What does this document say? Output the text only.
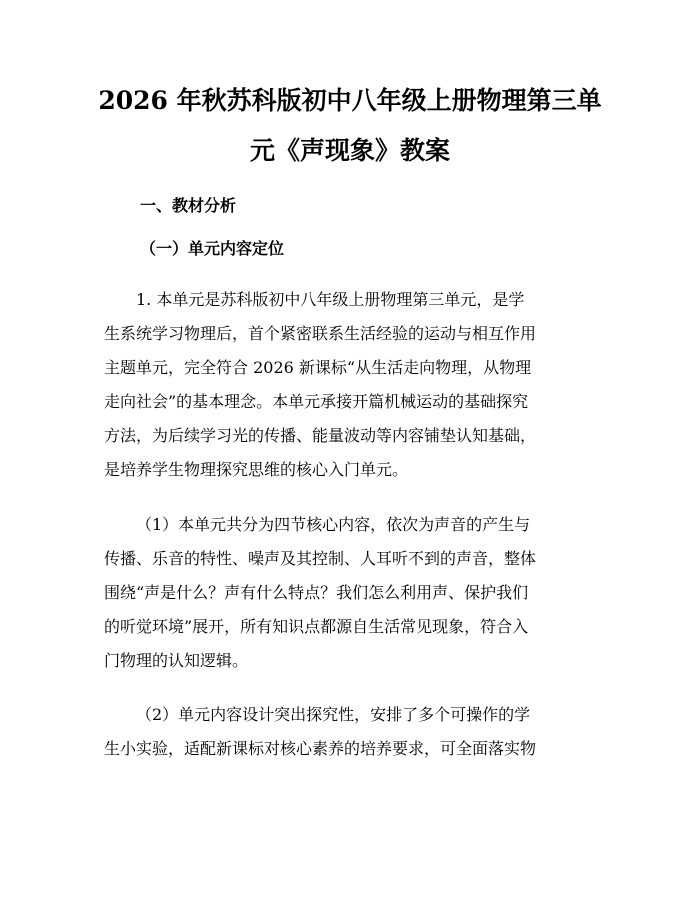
2026 年秋苏科版初中八年级上册物理第三单
元《声现象》教案
一、教材分析
（一）单元内容定位
1. 本单元是苏科版初中八年级上册物理第三单元，是学
生系统学习物理后，首个紧密联系生活经验的运动与相互作用
主题单元，完全符合 2026 新课标“从生活走向物理，从物理
走向社会”的基本理念。本单元承接开篇机械运动的基础探究
方法，为后续学习光的传播、能量波动等内容铺垫认知基础，
是培养学生物理探究思维的核心入门单元。
（1）本单元共分为四节核心内容，依次为声音的产生与
传播、乐音的特性、噪声及其控制、人耳听不到的声音，整体
围绕“声是什么？声有什么特点？我们怎么利用声、保护我们
的听觉环境”展开，所有知识点都源自生活常见现象，符合入
门物理的认知逻辑。
（2）单元内容设计突出探究性，安排了多个可操作的学
生小实验，适配新课标对核心素养的培养要求，可全面落实物
